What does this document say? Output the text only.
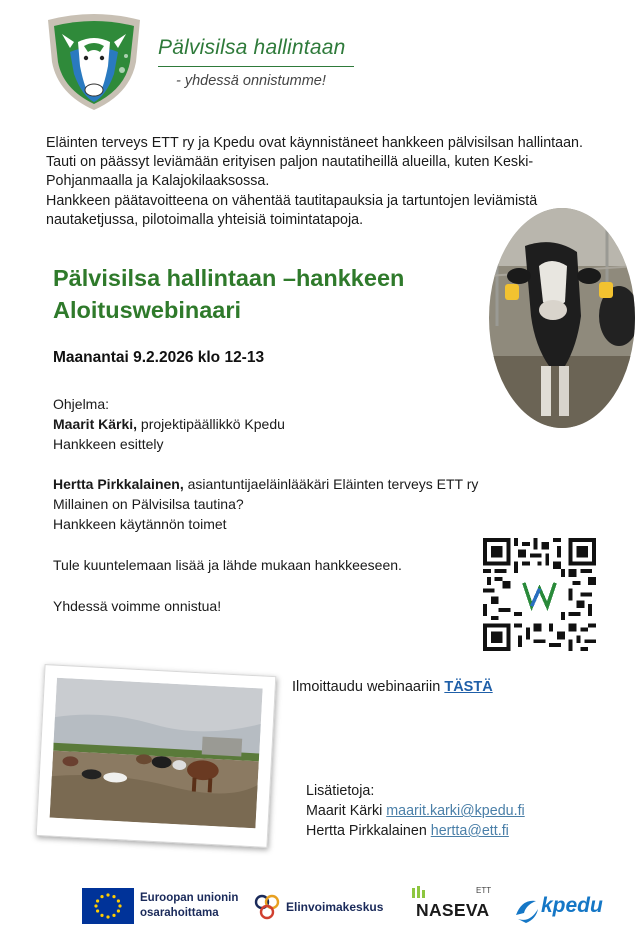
Pälvisilsa hallintaan
- yhdessä onnistumme!

Eläinten terveys ETT ry ja Kpedu ovat käynnistäneet hankkeen pälvisilsan hallintaan. Tauti on päässyt leviämään erityisen paljon nautatiheillä alueilla, kuten Keski-Pohjanmaalla ja Kalajokilaaksossa.

Hankkeen päätavoitteena on vähentää tautitapauksia ja tartuntojen leviämistä nautaketjussa, pilotoimalla yhteisiä toimintatapoja.

Pälvisilsa hallintaan –hankkeen Aloituswebinaari
Maanantai 9.2.2026 klo 12-13
Ohjelma:
Maarit Kärki, projektipäällikkö Kpedu
Hankkeen esittely
Hertta Pirkkalainen, asiantuntijaeläinlääkäri Eläinten terveys ETT ry
Millainen on Pälvisilsa tautina?
Hankkeen käytännön toimet
Tule kuuntelemaan lisää ja lähde mukaan hankkeeseen.
Yhdessä voimme onnistua!
Ilmoittaudu webinaariin TÄSTÄ
Lisätietoja:
Maarit Kärki maarit.karki@kpedu.fi
Hertta Pirkkalainen hertta@ett.fi
Euroopan unionin
osarahoittama	Elinvoimakeskus
ETT
NASEVA kpedu
